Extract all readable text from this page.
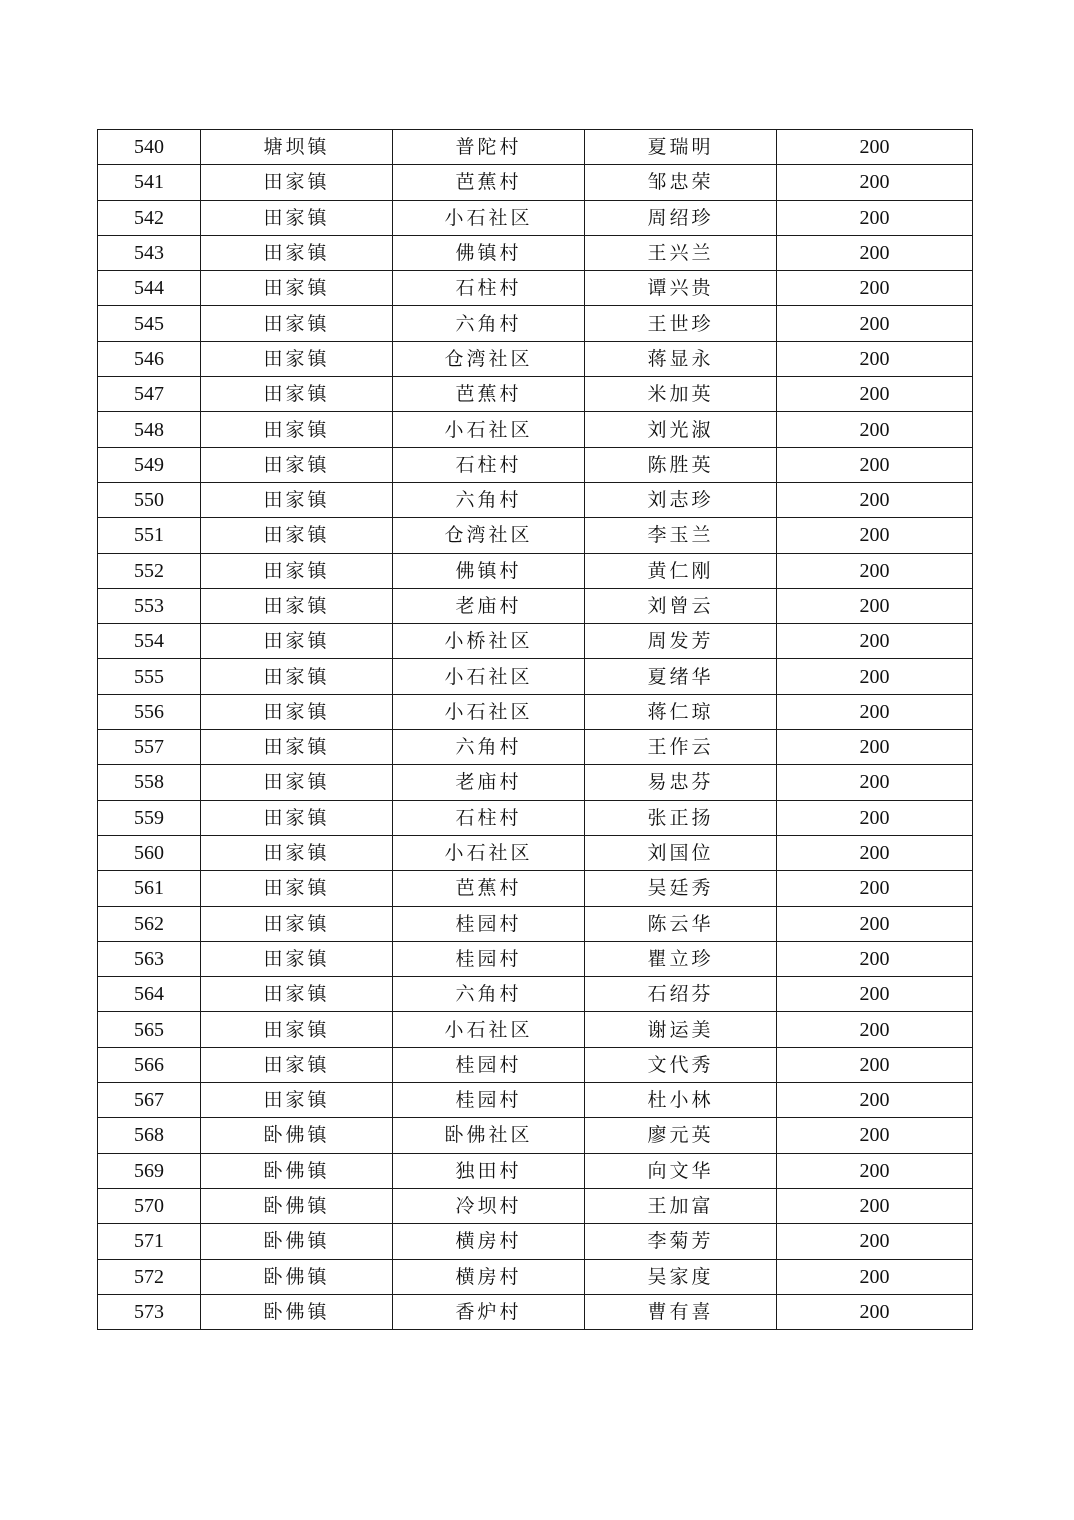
540	塘坝镇	普陀村	夏瑞明	200
541	田家镇	芭蕉村	邹忠荣	200
542	田家镇	小石社区	周绍珍	200
543	田家镇	佛镇村	王兴兰	200
544	田家镇	石柱村	谭兴贵	200
545	田家镇	六角村	王世珍	200
546	田家镇	仓湾社区	蒋显永	200
547	田家镇	芭蕉村	米加英	200
548	田家镇	小石社区	刘光淑	200
549	田家镇	石柱村	陈胜英	200
550	田家镇	六角村	刘志珍	200
551	田家镇	仓湾社区	李玉兰	200
552	田家镇	佛镇村	黄仁刚	200
553	田家镇	老庙村	刘曾云	200
554	田家镇	小桥社区	周发芳	200
555	田家镇	小石社区	夏绪华	200
556	田家镇	小石社区	蒋仁琼	200
557	田家镇	六角村	王作云	200
558	田家镇	老庙村	易忠芬	200
559	田家镇	石柱村	张正扬	200
560	田家镇	小石社区	刘国位	200
561	田家镇	芭蕉村	吴廷秀	200
562	田家镇	桂园村	陈云华	200
563	田家镇	桂园村	瞿立珍	200
564	田家镇	六角村	石绍芬	200
565	田家镇	小石社区	谢运美	200
566	田家镇	桂园村	文代秀	200
567	田家镇	桂园村	杜小林	200
568	卧佛镇	卧佛社区	廖元英	200
569	卧佛镇	独田村	向文华	200
570	卧佛镇	冷坝村	王加富	200
571	卧佛镇	横房村	李菊芳	200
572	卧佛镇	横房村	吴家度	200
573	卧佛镇	香炉村	曹有喜	200
